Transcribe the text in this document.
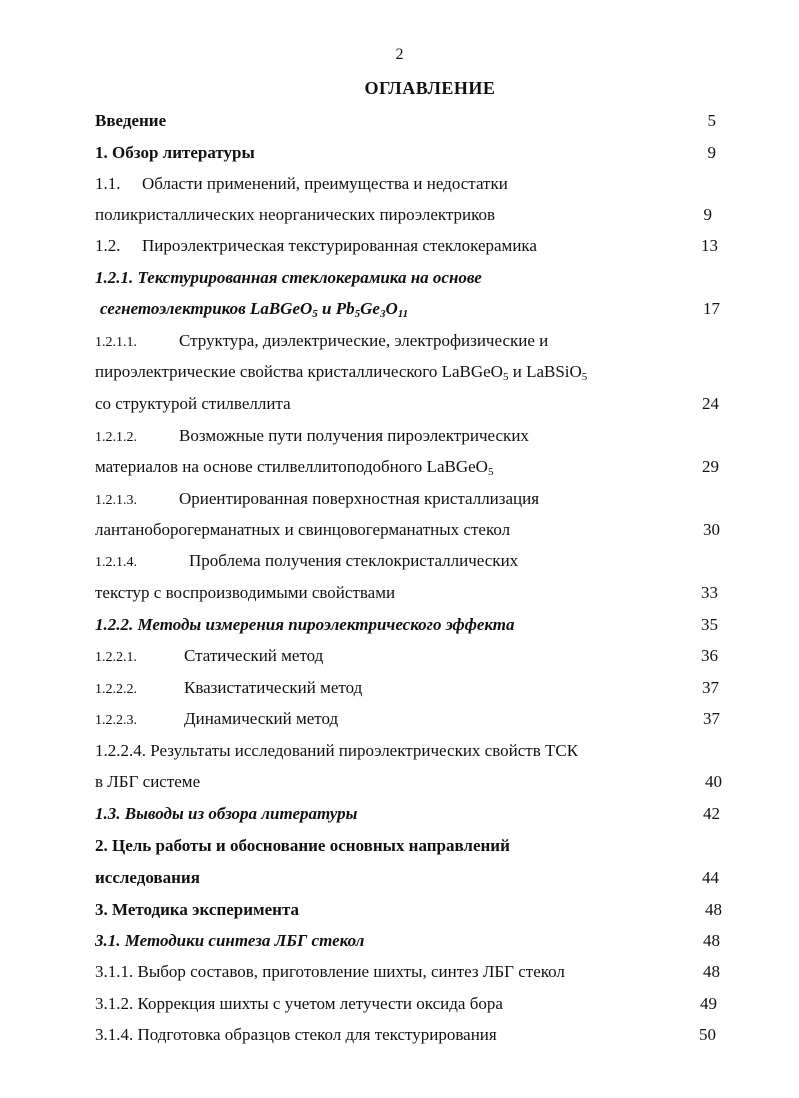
2
ОГЛАВЛЕНИЕ
Введение	5
1. Обзор литературы	9
1.1. Области применений, преимущества и недостатки
поликристаллических неорганических пироэлектриков	9
1.2. Пироэлектрическая текстурированная стеклокерамика	13
1.2.1. Текстурированная стеклокерамика на основе
сегнетоэлектриков LaBGeO$_5$ и $Pb_5Ge_3O_{11}$	17
1.2.1.1. Структура, диэлектрические, электрофизические и
пироэлектрические свойства кристаллического LaBGeO$_5$ и LaBSiO$_5$
со структурой стилвеллита	24
1.2.1.2. Возможные пути получения пироэлектрических
материалов на основе стилвеллитоподобного LaBGeO$_5$	29
1.2.1.3. Ориентированная поверхностная кристаллизация
лантаноборогерманатных и свинцовогерманатных стекол	30
1.2.1.4.	Проблема получения стеклокристаллических
текстур с воспроизводимыми свойствами	33
1.2.2. Методы измерения пироэлектрического эффекта	35
1.2.2.1.	Статический метод	36
1.2.2.2.	Квазистатический метод	37
1.2.2.3.	Динамический метод	37
1.2.2.4. Результаты исследований пироэлектрических свойств ТСК
в ЛБГ системе	40
1.3. Выводы из обзора литературы	42
2. Цель работы и обоснование основных направлений
исследования	44
3. Методика эксперимента	48
3.1. Методики синтеза ЛБГ стекол	48
3.1.1. Выбор составов, приготовление шихты, синтез ЛБГ стекол	48
3.1.2. Коррекция шихты с учетом летучести оксида бора	49
3.1.4. Подготовка образцов стекол для текстурирования	50
